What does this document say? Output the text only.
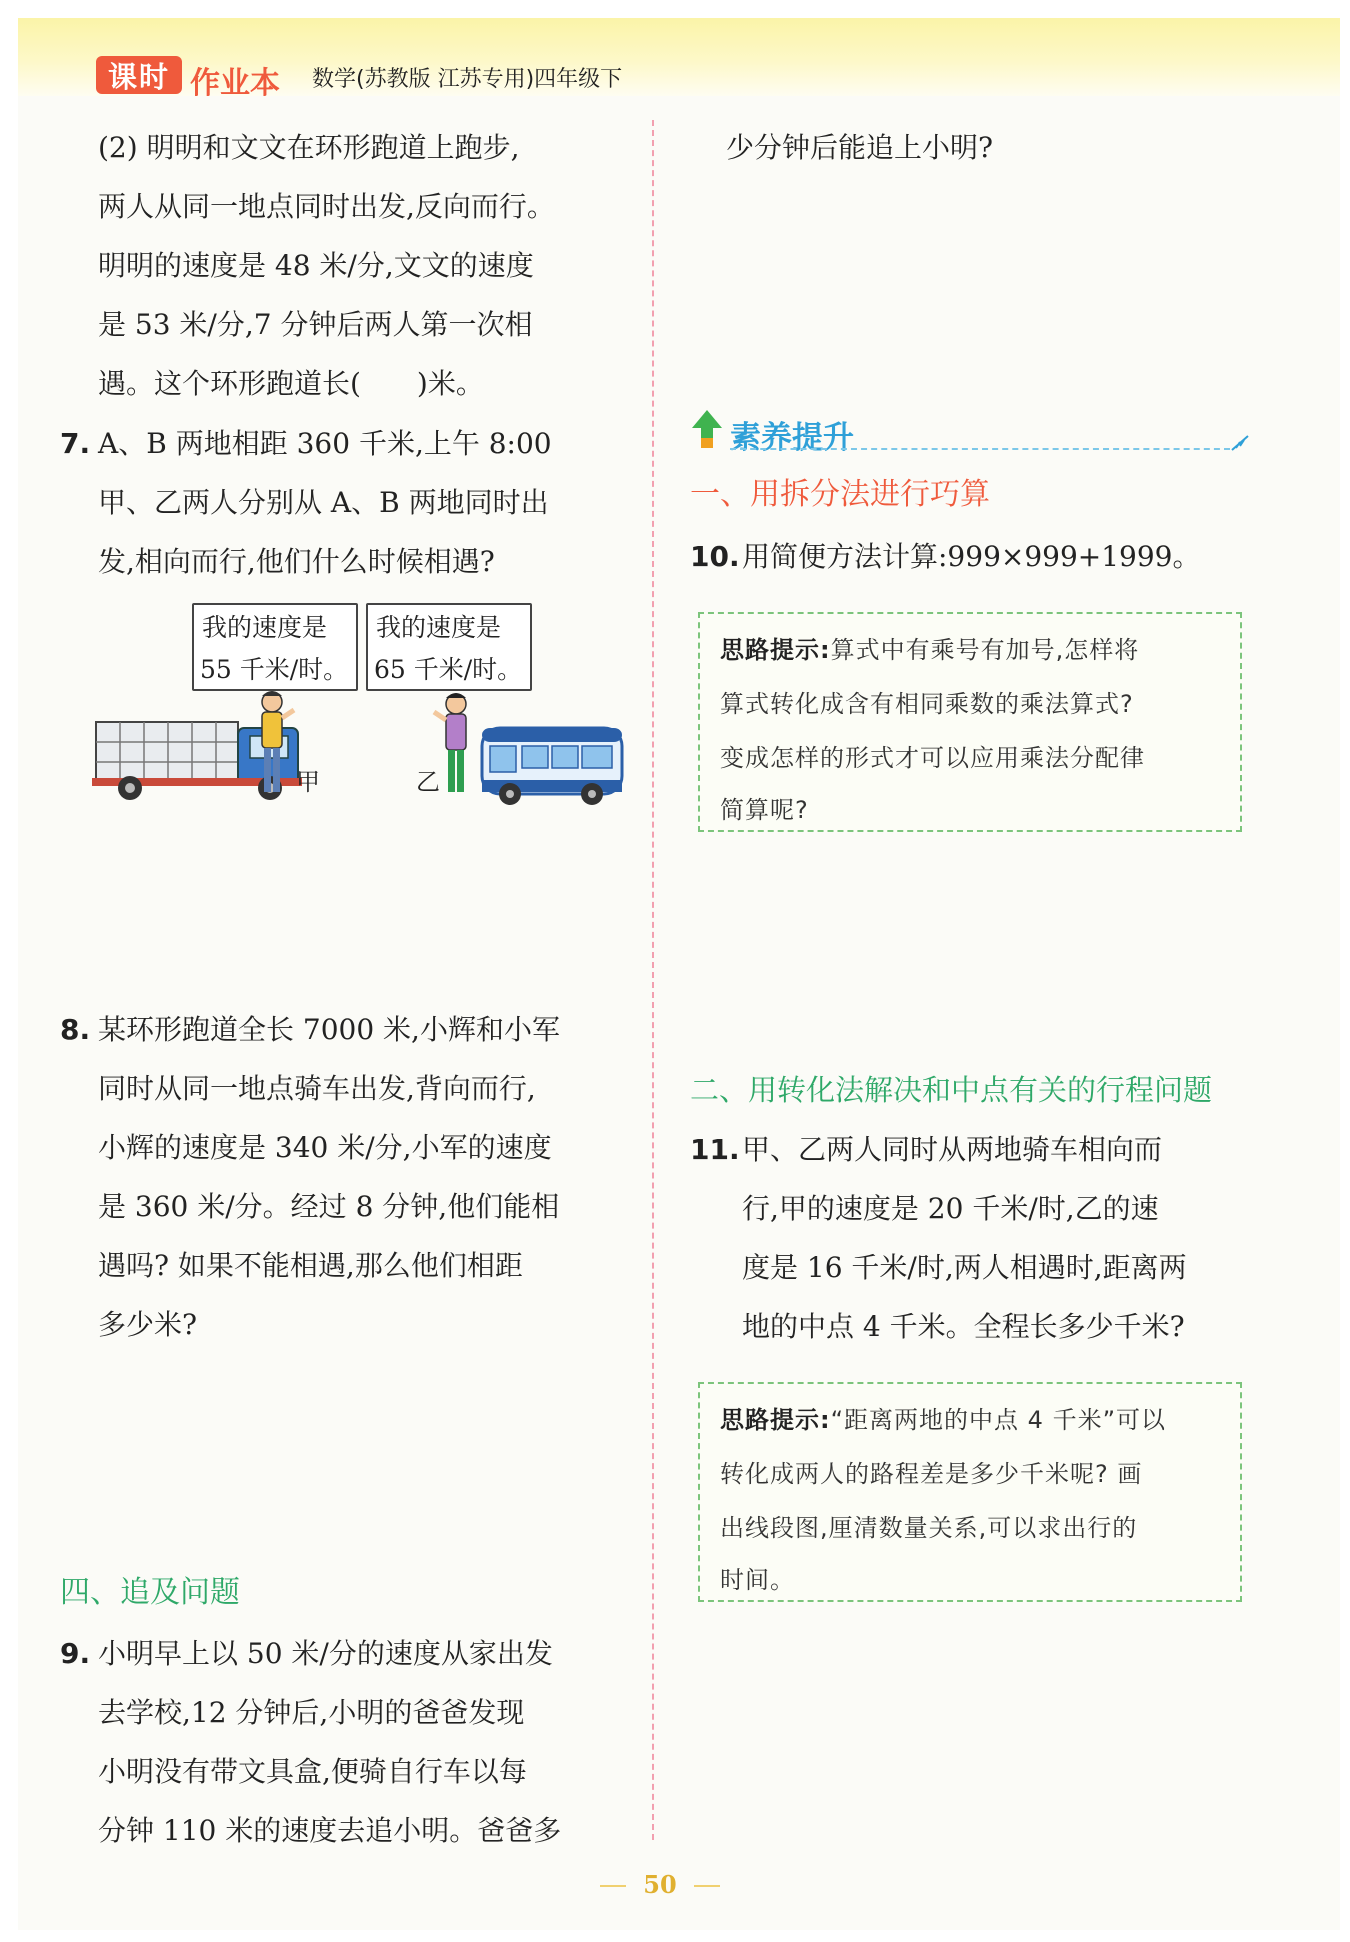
课时 作业本 数学(苏教版 江苏专用)四年级下
(2) 明明和文文在环形跑道上跑步,
两人从同一地点同时出发,反向而行。
明明的速度是 48 米/分,文文的速度
是 53 米/分,7 分钟后两人第一次相
遇。这个环形跑道长(　　)米。
7. A、B 两地相距 360 千米,上午 8:00
甲、乙两人分别从 A、B 两地同时出
发,相向而行,他们什么时候相遇?
我的速度是
55 千米/时。
我的速度是
65 千米/时。
甲	乙
8. 某环形跑道全长 7000 米,小辉和小军
同时从同一地点骑车出发,背向而行,
小辉的速度是 340 米/分,小军的速度
是 360 米/分。经过 8 分钟,他们能相
遇吗? 如果不能相遇,那么他们相距
多少米?
四、追及问题
9. 小明早上以 50 米/分的速度从家出发
去学校,12 分钟后,小明的爸爸发现
小明没有带文具盒,便骑自行车以每
分钟 110 米的速度去追小明。爸爸多
少分钟后能追上小明?
素养提升
一、用拆分法进行巧算
10. 用简便方法计算:999×999+1999。
思路提示:算式中有乘号有加号,怎样将
算式转化成含有相同乘数的乘法算式?
变成怎样的形式才可以应用乘法分配律
简算呢?
二、用转化法解决和中点有关的行程问题
11. 甲、乙两人同时从两地骑车相向而
行,甲的速度是 20 千米/时,乙的速
度是 16 千米/时,两人相遇时,距离两
地的中点 4 千米。全程长多少千米?
思路提示:“距离两地的中点 4 千米”可以
转化成两人的路程差是多少千米呢? 画
出线段图,厘清数量关系,可以求出行的
时间。
50
